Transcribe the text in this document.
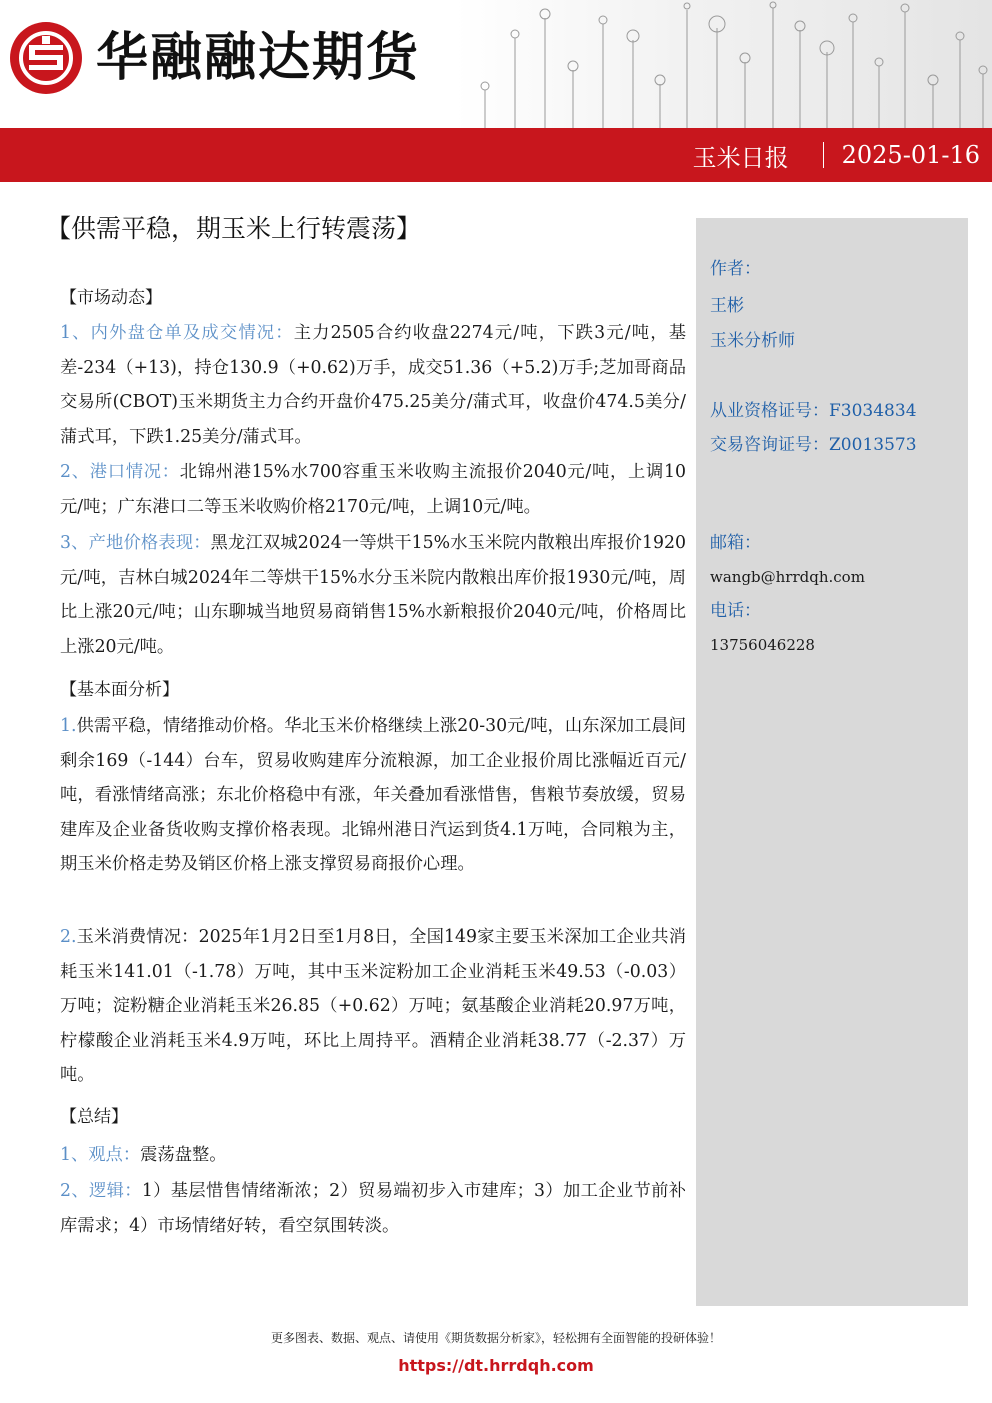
华融融达期货
玉米日报 2025-01-16
【供需平稳，期玉米上行转震荡】
【市场动态】
1、内外盘仓单及成交情况：主力2505合约收盘2274元/吨，下跌3元/吨，基差-234（+13)，持仓130.9（+0.62)万手，成交51.36（+5.2)万手;芝加哥商品交易所(CBOT)玉米期货主力合约开盘价475.25美分/蒲式耳，收盘价474.5美分/蒲式耳，下跌1.25美分/蒲式耳。
2、港口情况：北锦州港15%水700容重玉米收购主流报价2040元/吨，上调10元/吨；广东港口二等玉米收购价格2170元/吨，上调10元/吨。
3、产地价格表现：黑龙江双城2024一等烘干15%水玉米院内散粮出库报价1920元/吨，吉林白城2024年二等烘干15%水分玉米院内散粮出库价报1930元/吨，周比上涨20元/吨；山东聊城当地贸易商销售15%水新粮报价2040元/吨，价格周比上涨20元/吨。
【基本面分析】
1.供需平稳，情绪推动价格。华北玉米价格继续上涨20-30元/吨，山东深加工晨间剩余169（-144）台车，贸易收购建库分流粮源，加工企业报价周比涨幅近百元/吨，看涨情绪高涨；东北价格稳中有涨，年关叠加看涨惜售，售粮节奏放缓，贸易建库及企业备货收购支撑价格表现。北锦州港日汽运到货4.1万吨，合同粮为主，期玉米价格走势及销区价格上涨支撑贸易商报价心理。
2.玉米消费情况：2025年1月2日至1月8日，全国149家主要玉米深加工企业共消耗玉米141.01（-1.78）万吨，其中玉米淀粉加工企业消耗玉米49.53（-0.03）万吨；淀粉糖企业消耗玉米26.85（+0.62）万吨；氨基酸企业消耗20.97万吨，柠檬酸企业消耗玉米4.9万吨，环比上周持平。酒精企业消耗38.77（-2.37）万吨。
【总结】
1、观点：震荡盘整。
2、逻辑：1）基层惜售情绪渐浓；2）贸易端初步入市建库；3）加工企业节前补库需求；4）市场情绪好转，看空氛围转淡。
作者：
王彬
玉米分析师
从业资格证号：F3034834
交易咨询证号：Z0013573
邮箱：
wangb@hrrdqh.com
电话：
13756046228
更多图表、数据、观点、请使用《期货数据分析家》，轻松拥有全面智能的投研体验！
https://dt.hrrdqh.com
